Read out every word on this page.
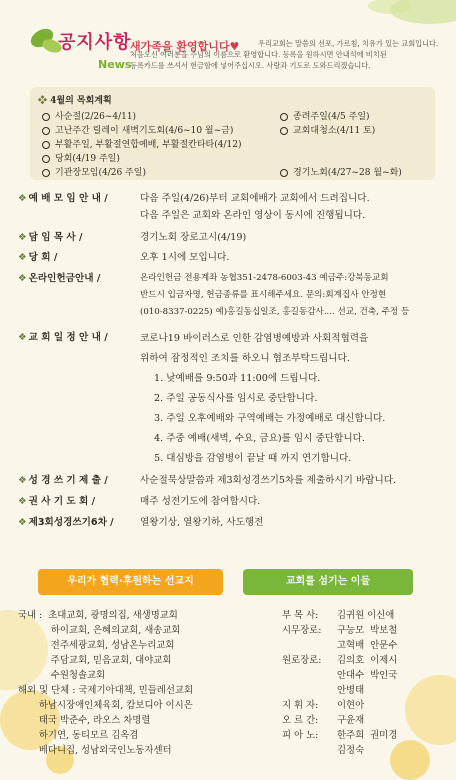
공지사항
News
새가족을 환영합니다♥	우리교회는 말씀의 선포, 가르침, 치유가 있는 교회입니다.
처음오신 여러분을 주님의 이름으로 환영합니다. 등록을 원하시면 안내석에 비치된
등록카드를 쓰셔서 현금함에 넣어주십시오. 사랑과 기도로 도와드리겠습니다.
❖ 4월의 목회계획
사순절(2/26~4/11)
고난주간 릴레이 새벽기도회(4/6~10 월~금)
부활주일, 부활절연합예배, 부활절칸타타(4/12)
당회(4/19 주일)
기관장모임(4/26 주일)
종려주일(4/5 주일)
교회대청소(4/11 토)
경기노회(4/27~28 월~화)
❖ 예 배 모 임 안 내 /	다음 주일(4/26)부터 교회에배가 교회에서 드려집니다.
다음 주일은 교회와 온라인 영상이 동시에 진행됩니다.
❖ 담 임 목 사 /	경기노회 장로고시(4/19)
❖ 당 회 /	오후 1시에 모입니다.
❖ 온라인헌금안내 /	온라인헌금 전용계좌 농협351-2478-6003-43 예금주:강북동교회
반드시 입금자명, 헌금종류를 표시해주세요. 문의:회계집사 안정현
(010-8337-0225) 예)홍길동십일조, 홍길동감사.... 선교, 건축, 주정 등
❖ 교 회 일 정 안 내 /	코로나19 바이러스로 인한 감염병예방과 사회적협력을
위하여 잠정적인 조치를 하오니 협조부탁드립니다.
1. 낮예배를 9:50과 11:00에 드립니다.
2. 주일 공동식사를 임시로 중단합니다.
3. 주일 오후예배와 구역예배는 가정예배로 대신합니다.
4. 주중 예배(새벽, 수요, 금요)를 임시 중단합니다.
5. 대심방을 감염병이 끝날 때 까지 연기합니다.
❖ 성 경 쓰 기 제 출 /	사순절묵상말씀과 제3회성경쓰기5차를 제출하시기 바랍니다.
❖ 권 사 기 도 회 /	매주 성전기도에 참여합시다.
❖ 제3회성경쓰기6차 /	열왕기상, 열왕기하, 사도행전
우리가 협력·후원하는 선교지	교회를 섬기는 이들
국내 :  초대교회, 광명의집, 새생명교회
하이교회, 은혜의교회, 새송교회
전주세광교회, 성남온누리교회
주담교회, 믿음교회, 대야교회
수원청솔교회
해외 및 단체 : 국제기아대책, 민들레선교회
하남시장애인체육회, 캄보디아 이시은
태국 박준수, 라오스 차명렬
하기연, 동티모르 김옥겸
베다니집, 성남외국인노동자센터
부 목 사:	김귀원 이신애
시무장로:	구능모  박보철
고혁배  안문수
원로장로:	김의호  이제시
안대수  박인국
안병태
지 휘 자:	이현아
오 르 간:	구윤재
피 아 노:	한주희  권미경
김정숙
